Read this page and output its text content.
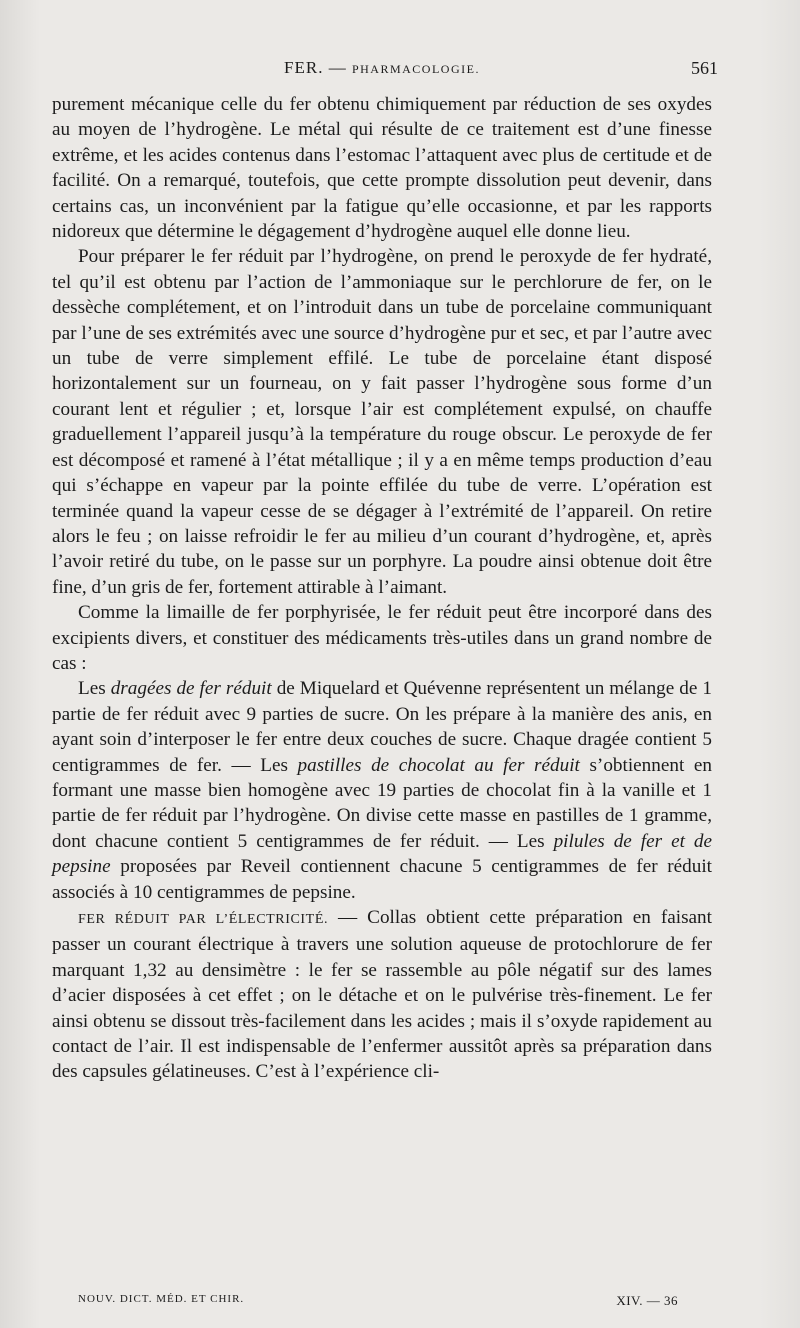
FER. — PHARMACOLOGIE.	561

purement mécanique celle du fer obtenu chimiquement par réduction de ses oxydes au moyen de l’hydrogène. Le métal qui résulte de ce traitement est d’une finesse extrême, et les acides contenus dans l’estomac l’attaquent avec plus de certitude et de facilité. On a remarqué, toutefois, que cette prompte dissolution peut devenir, dans certains cas, un inconvénient par la fatigue qu’elle occasionne, et par les rapports nidoreux que détermine le dégagement d’hydrogène auquel elle donne lieu.

Pour préparer le fer réduit par l’hydrogène, on prend le peroxyde de fer hydraté, tel qu’il est obtenu par l’action de l’ammoniaque sur le perchlorure de fer, on le dessèche complétement, et on l’introduit dans un tube de porcelaine communiquant par l’une de ses extrémités avec une source d’hydrogène pur et sec, et par l’autre avec un tube de verre simplement effilé. Le tube de porcelaine étant disposé horizontalement sur un fourneau, on y fait passer l’hydrogène sous forme d’un courant lent et régulier ; et, lorsque l’air est complétement expulsé, on chauffe graduellement l’appareil jusqu’à la température du rouge obscur. Le peroxyde de fer est décomposé et ramené à l’état métallique ; il y a en même temps production d’eau qui s’échappe en vapeur par la pointe effilée du tube de verre. L’opération est terminée quand la vapeur cesse de se dégager à l’extrémité de l’appareil. On retire alors le feu ; on laisse refroidir le fer au milieu d’un courant d’hydrogène, et, après l’avoir retiré du tube, on le passe sur un porphyre. La poudre ainsi obtenue doit être fine, d’un gris de fer, fortement attirable à l’aimant.

Comme la limaille de fer porphyrisée, le fer réduit peut être incorporé dans des excipients divers, et constituer des médicaments très-utiles dans un grand nombre de cas :

Les dragées de fer réduit de Miquelard et Quévenne représentent un mélange de 1 partie de fer réduit avec 9 parties de sucre. On les prépare à la manière des anis, en ayant soin d’interposer le fer entre deux couches de sucre. Chaque dragée contient 5 centigrammes de fer. — Les pastilles de chocolat au fer réduit s’obtiennent en formant une masse bien homogène avec 19 parties de chocolat fin à la vanille et 1 partie de fer réduit par l’hydrogène. On divise cette masse en pastilles de 1 gramme, dont chacune contient 5 centigrammes de fer réduit. — Les pilules de fer et de pepsine proposées par Reveil contiennent chacune 5 centigrammes de fer réduit associés à 10 centigrammes de pepsine.

FER RÉDUIT PAR L’ÉLECTRICITÉ. — Collas obtient cette préparation en faisant passer un courant électrique à travers une solution aqueuse de protochlorure de fer marquant 1,32 au densimètre : le fer se rassemble au pôle négatif sur des lames d’acier disposées à cet effet ; on le détache et on le pulvérise très-finement. Le fer ainsi obtenu se dissout très-facilement dans les acides ; mais il s’oxyde rapidement au contact de l’air. Il est indispensable de l’enfermer aussitôt après sa préparation dans des capsules gélatineuses. C’est à l’expérience cli-

NOUV. DICT. MÉD. ET CHIR.	XIV. — 36
